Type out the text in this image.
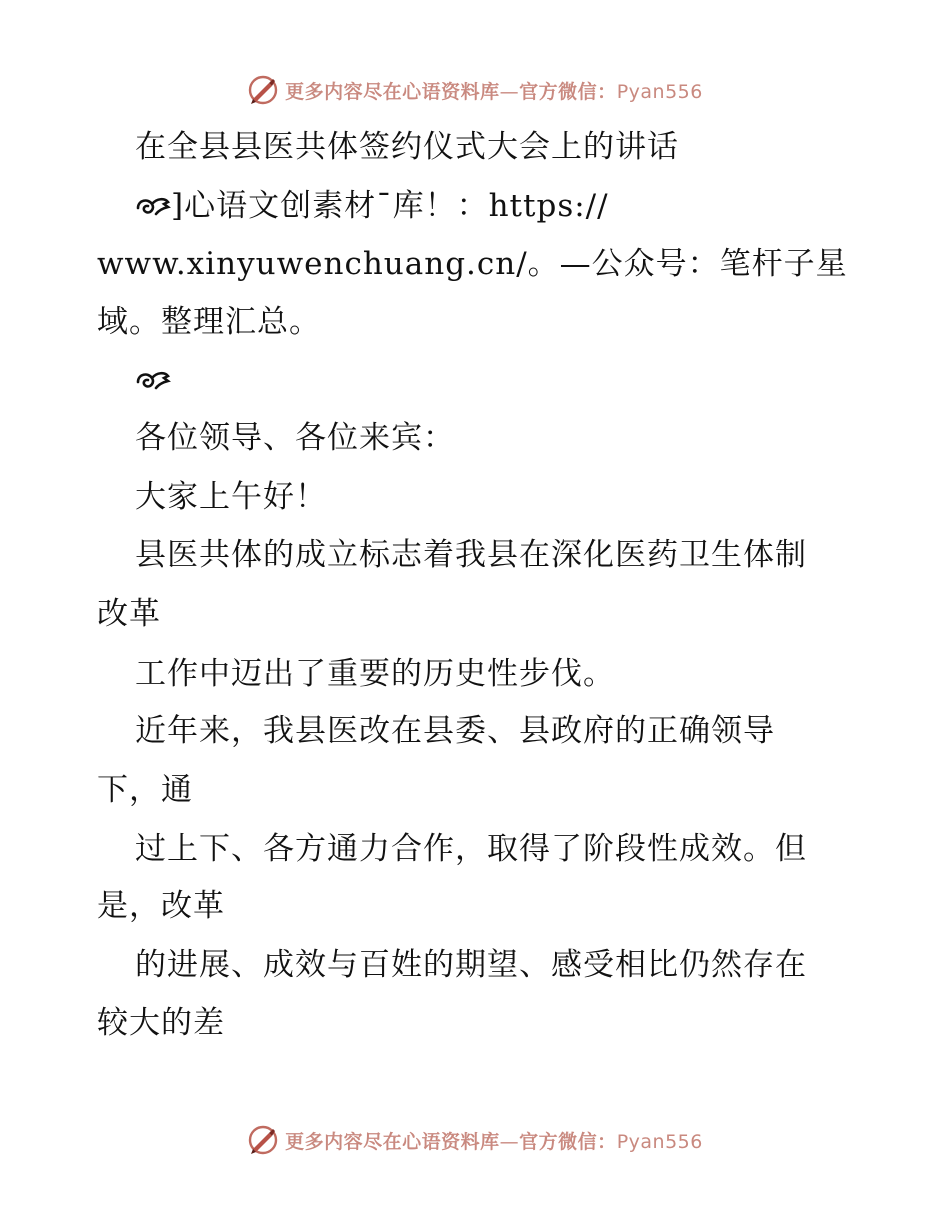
更多内容尽在心语资料库—官方微信：Pyan556
在全县县医共体签约仪式大会上的讲话
]心语文创素材¯库！：https://
www.xinyuwenchuang.cn/。—公众号：笔杆子星
域。整理汇总。
各位领导、各位来宾：
大家上午好！
县医共体的成立标志着我县在深化医药卫生体制
改革
工作中迈出了重要的历史性步伐。
近年来，我县医改在县委、县政府的正确领导
下，通
过上下、各方通力合作，取得了阶段性成效。但
是，改革
的进展、成效与百姓的期望、感受相比仍然存在
较大的差
更多内容尽在心语资料库—官方微信：Pyan556
